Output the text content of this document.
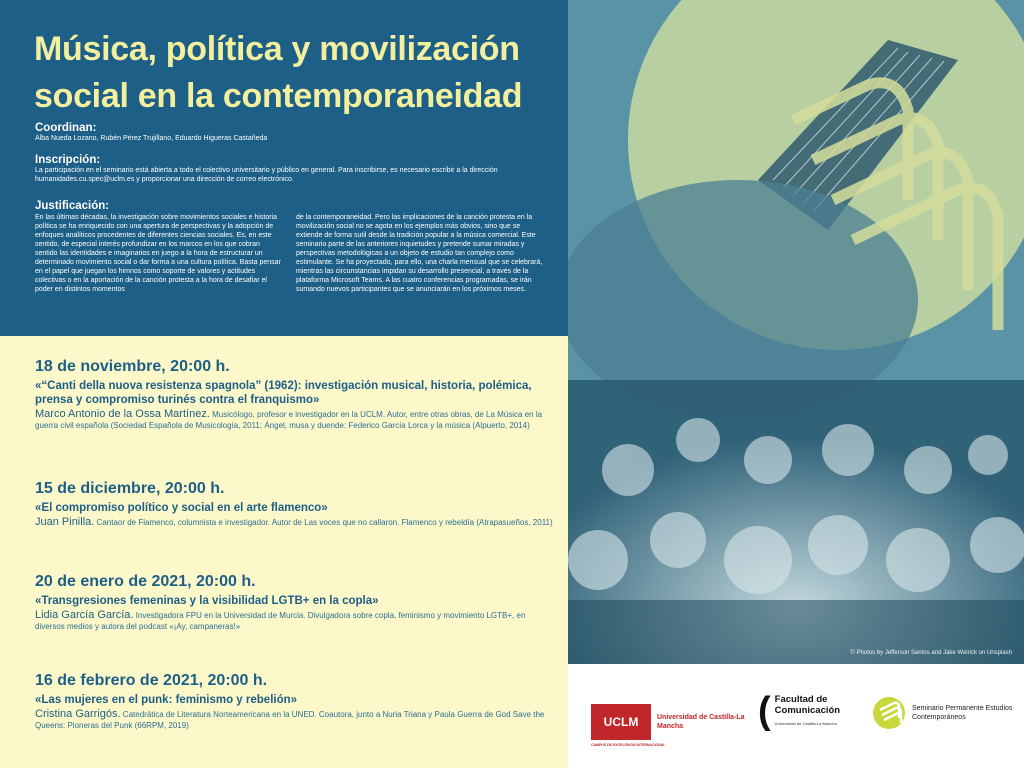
Música, política y movilización social en la contemporaneidad
Coordinan:
Alba Nueda Lozano, Rubén Pérez Trujillano, Eduardo Higueras Castañeda
Inscripción:
La participación en el seminario está abierta a todo el colectivo universitario y público en general. Para inscribirse, es necesario escribir a la dirección humanidades.cu.spec@uclm.es y proporcionar una dirección de correo electrónico.
Justificación:
En las últimas décadas, la investigación sobre movimientos sociales e historia política se ha enriquecido con una apertura de perspectivas y la adopción de enfoques analíticos procedentes de diferentes ciencias sociales. Es, en este sentido, de especial interés profundizar en los marcos en los que cobran sentido las identidades e imaginarios en juego a la hora de estructurar un determinado movimiento social o dar forma a una cultura política. Basta pensar en el papel que juegan los himnos como soporte de valores y actitudes colectivas o en la aportación de la canción protesta a la hora de desafiar el poder en distintos momentos
de la contemporaneidad. Pero las implicaciones de la canción protesta en la movilización social no se agota en los ejemplos más obvios, sino que se extiende de forma sutil desde la tradición popular a la música comercial. Este seminario parte de las anteriores inquietudes y pretende sumar miradas y perspectivas metodológicas a un objeto de estudio tan complejo como estimulante. Se ha proyectado, para ello, una charla mensual que se celebrará, mientras las circunstancias impidan su desarrollo presencial, a través de la plataforma Microsoft Teams. A las cuatro conferencias programadas, se irán sumando nuevos participantes que se anunciarán en los próximos meses.
© Photos by Jefferson Santos and Jake Weirick on Unsplash
18 de noviembre, 20:00 h.
«“Canti della nuova resistenza spagnola” (1962): investigación musical, historia, polémica, prensa y compromiso turinés contra el franquismo»
Marco Antonio de la Ossa Martínez. Musicólogo, profesor e investigador en la UCLM. Autor, entre otras obras, de La Música en la guerra civil española (Sociedad Española de Musicología, 2011; Ángel, musa y duende: Federico García Lorca y la música (Alpuerto, 2014)
15 de diciembre, 20:00 h.
«El compromiso político y social en el arte flamenco»
Juan Pinilla. Cantaor de Flamenco, columnista e investigador. Autor de Las voces que no callaron. Flamenco y rebeldía (Atrapasueños, 2011)
20 de enero de 2021, 20:00 h.
«Transgresiones femeninas y la visibilidad LGTB+ en la copla»
Lidia García García. Investigadora FPU en la Universidad de Murcia. Divulgadora sobre copla, feminismo y movimiento LGTB+, en diversos medios y autora del podcast «¡Ay, campaneras!»
16 de febrero de 2021, 20:00 h.
«Las mujeres en el punk: feminismo y rebelión»
Cristina Garrigós. Catedrática de Literatura Norteamericana en la UNED. Coautora, junto a Nuria Triana y Paula Guerra de God Save the Queens: Pioneras del Punk (66RPM, 2019)	UCLM
CAMPUS DE EXCELENCIA INTERNACIONAL
Universidad de Castilla-La Mancha	( Facultad de Comunicación
Universidad de Castilla-La Mancha
Seminario Permanente Estudios Contemporáneos
